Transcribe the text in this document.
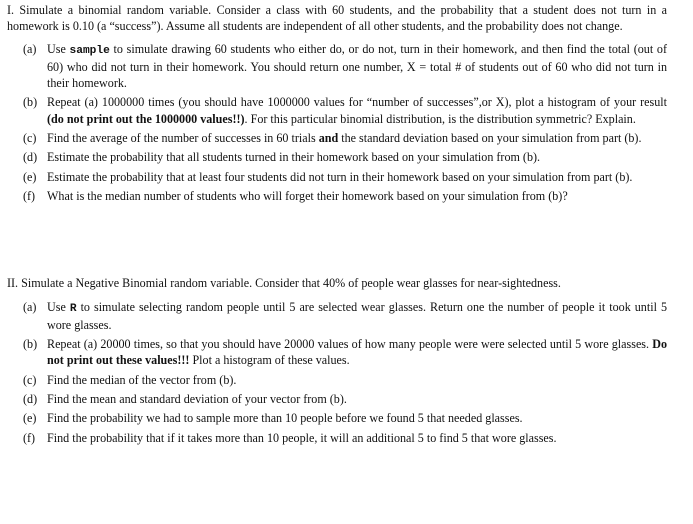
I. Simulate a binomial random variable. Consider a class with 60 students, and the probability that a student does not turn in a homework is 0.10 (a “success”). Assume all students are independent of all other students, and the probability does not change.

(a) Use sample to simulate drawing 60 students who either do, or do not, turn in their homework, and then find the total (out of 60) who did not turn in their homework. You should return one number, X = total # of students out of 60 who did not turn in their homework.
(b) Repeat (a) 1000000 times (you should have 1000000 values for “number of successes”,or X), plot a histogram of your result (do not print out the 1000000 values!!). For this particular binomial distribution, is the distribution symmetric? Explain.
(c) Find the average of the number of successes in 60 trials and the standard deviation based on your simulation from part (b).
(d) Estimate the probability that all students turned in their homework based on your simulation from (b).
(e) Estimate the probability that at least four students did not turn in their homework based on your simulation from part (b).
(f) What is the median number of students who will forget their homework based on your simulation from (b)?

II. Simulate a Negative Binomial random variable. Consider that 40% of people wear glasses for near-sightedness.

(a) Use R to simulate selecting random people until 5 are selected wear glasses. Return one the number of people it took until 5 wore glasses.
(b) Repeat (a) 20000 times, so that you should have 20000 values of how many people were were selected until 5 wore glasses. Do not print out these values!!! Plot a histogram of these values.
(c) Find the median of the vector from (b).
(d) Find the mean and standard deviation of your vector from (b).
(e) Find the probability we had to sample more than 10 people before we found 5 that needed glasses.
(f) Find the probability that if it takes more than 10 people, it will an additional 5 to find 5 that wore glasses.
